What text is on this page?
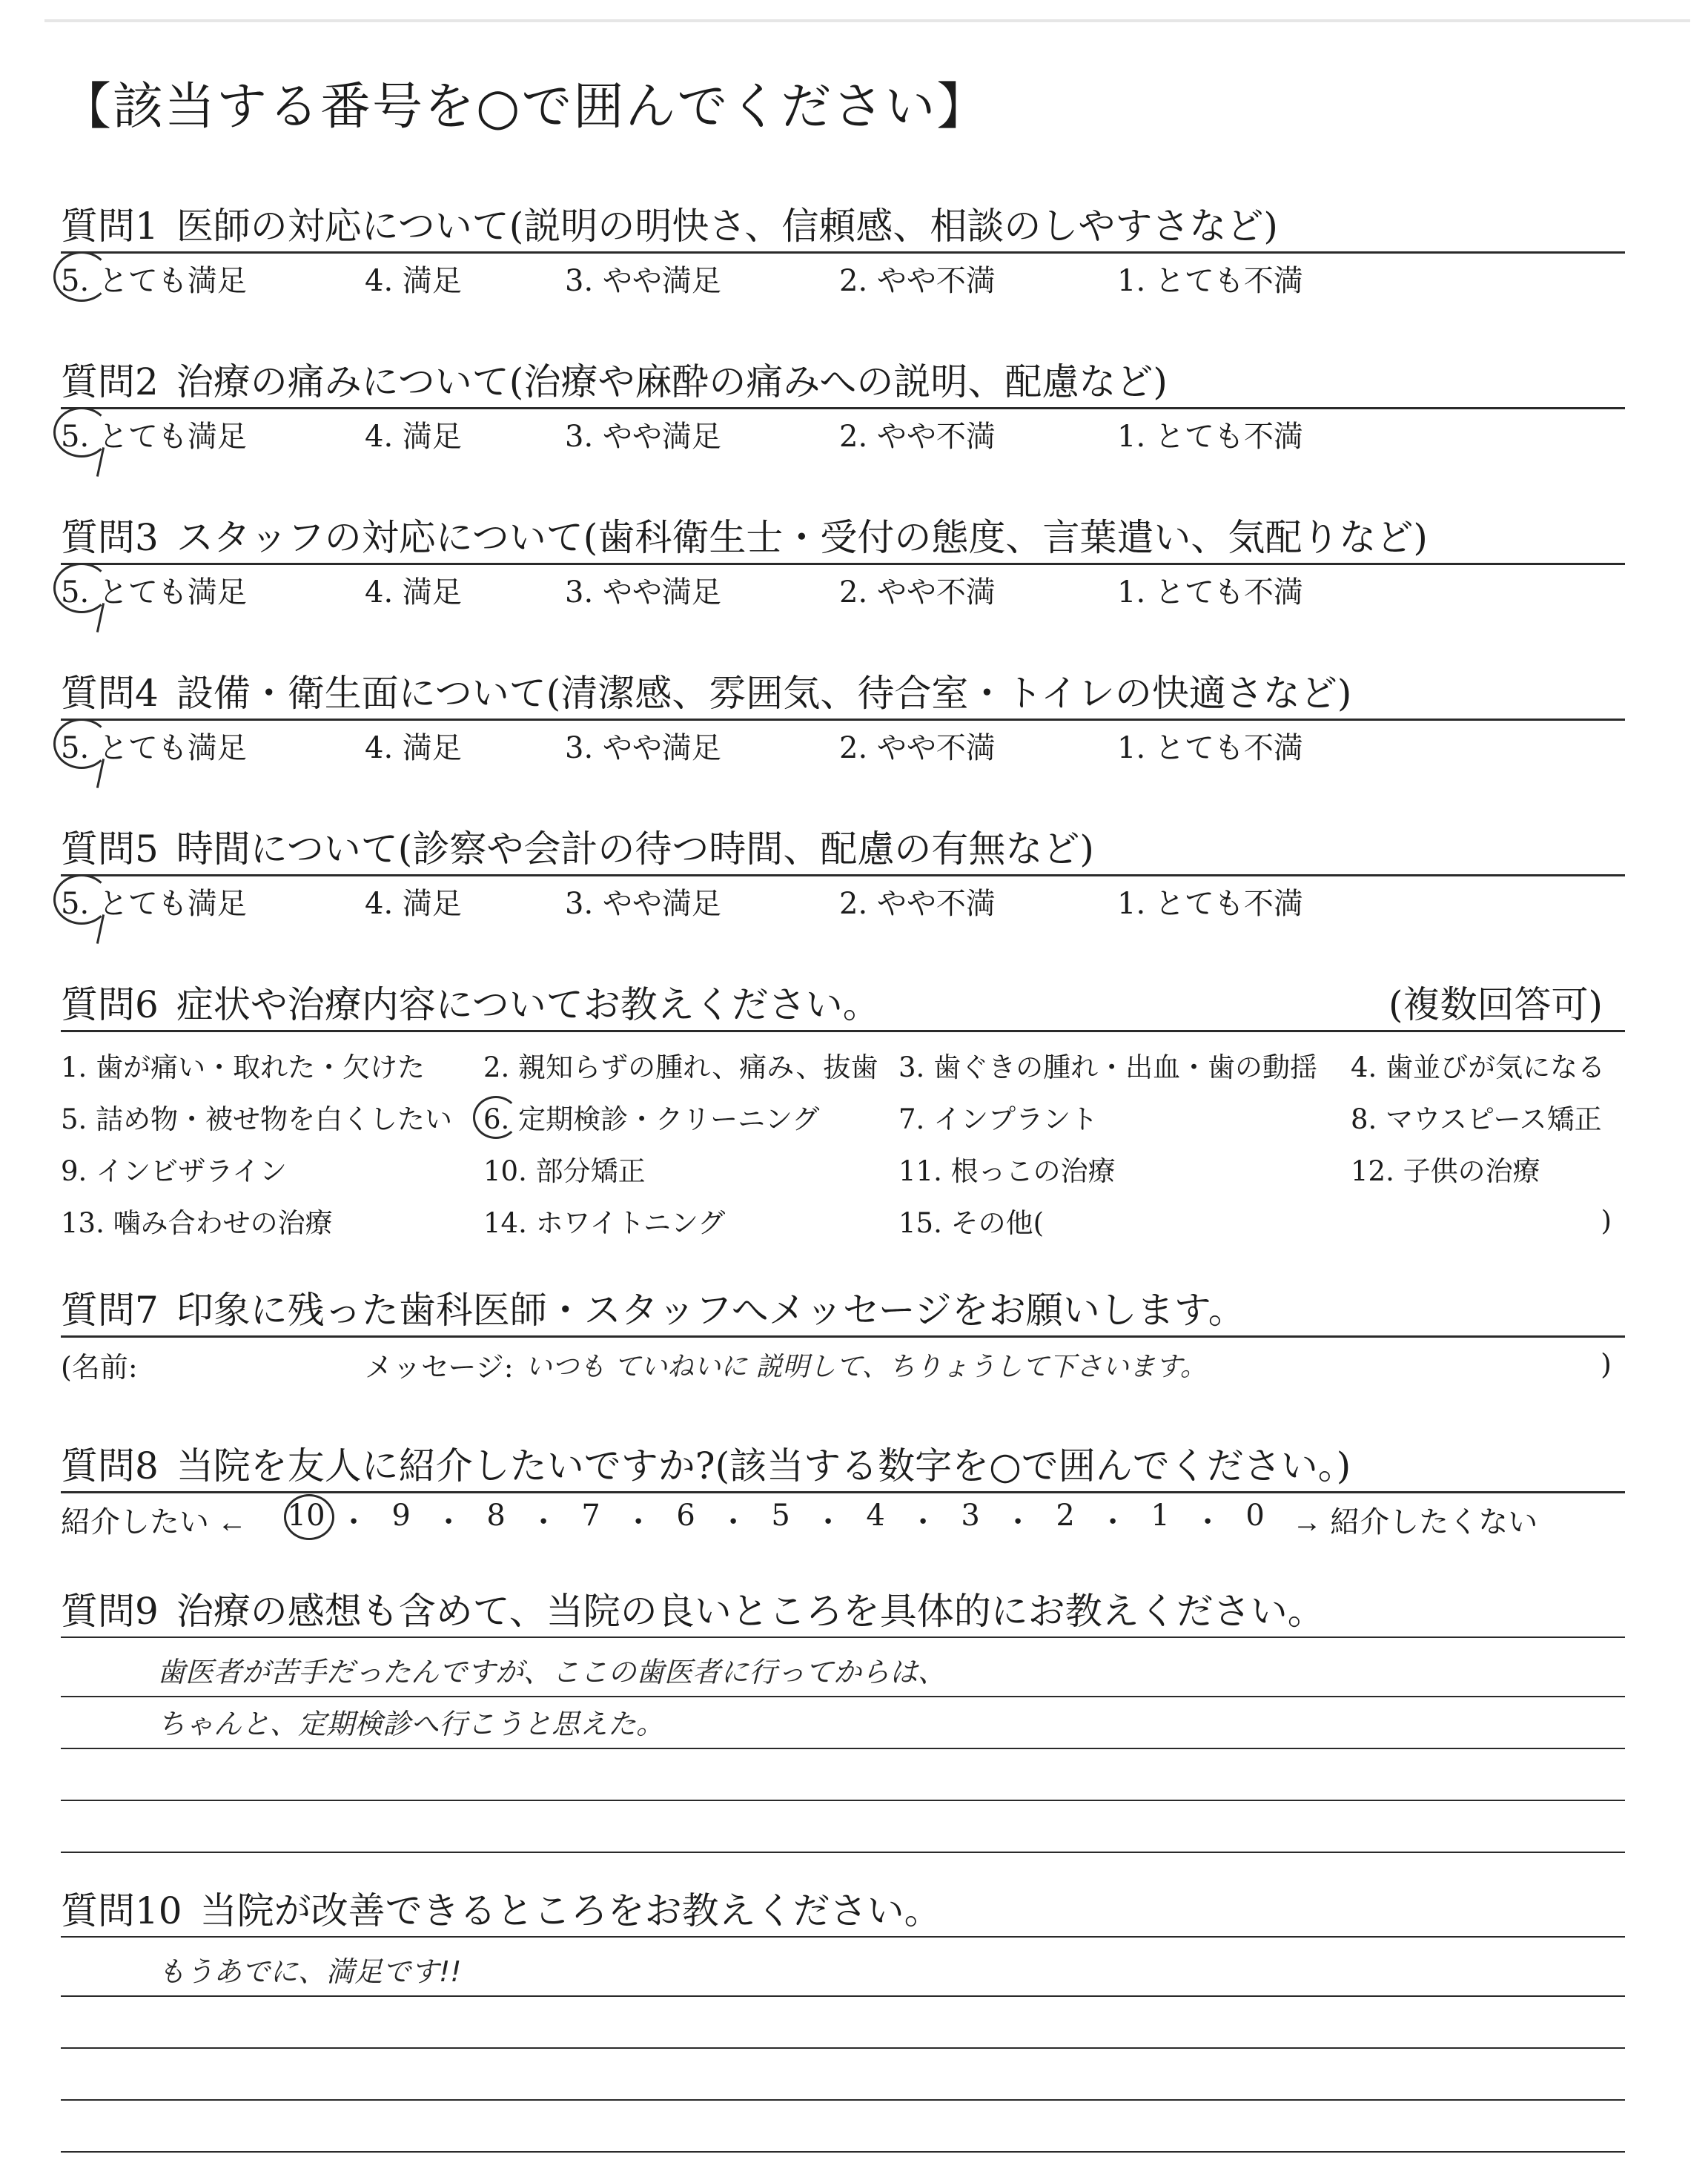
【該当する番号を○で囲んでください】
質問1 医師の対応について(説明の明快さ、信頼感、相談のしやすさなど)
5. とても満足	4. 満足	3. やや満足	2. やや不満	1. とても不満
質問2 治療の痛みについて(治療や麻酔の痛みへの説明、配慮など)
5. とても満足	4. 満足	3. やや満足	2. やや不満	1. とても不満
質問3 スタッフの対応について(歯科衛生士・受付の態度、言葉遣い、気配りなど)
5. とても満足	4. 満足	3. やや満足	2. やや不満	1. とても不満
質問4 設備・衛生面について(清潔感、雰囲気、待合室・トイレの快適さなど)
5. とても満足	4. 満足	3. やや満足	2. やや不満	1. とても不満
質問5 時間について(診察や会計の待つ時間、配慮の有無など)
5. とても満足	4. 満足	3. やや満足	2. やや不満	1. とても不満
質問6 症状や治療内容についてお教えください。	(複数回答可)
1. 歯が痛い・取れた・欠けた	2. 親知らずの腫れ、痛み、抜歯 3. 歯ぐきの腫れ・出血・歯の動揺	4. 歯並びが気になる
5. 詰め物・被せ物を白くしたい	6. 定期検診・クリーニング	7. インプラント	8. マウスピース矯正
9. インビザライン	10. 部分矯正	11. 根っこの治療	12. 子供の治療
13. 噛み合わせの治療	14. ホワイトニング	15. その他(	)
質問7 印象に残った歯科医師・スタッフへメッセージをお願いします。
(名前:	メッセージ: いつも ていねいに 説明して、ちりょうして下さいます。	)
質問8 当院を友人に紹介したいですか?(該当する数字を○で囲んでください。)
紹介したい ← 10 ・ 9 ・ 8 ・ 7 ・ 6 ・ 5 ・ 4 ・ 3 ・ 2 ・ 1 ・ 0 → 紹介したくない
質問9 治療の感想も含めて、当院の良いところを具体的にお教えください。
歯医者が苦手だったんですが、ここの歯医者に行ってからは、
ちゃんと、定期検診へ行こうと思えた。
質問10 当院が改善できるところをお教えください。
もうあでに、満足です!!
